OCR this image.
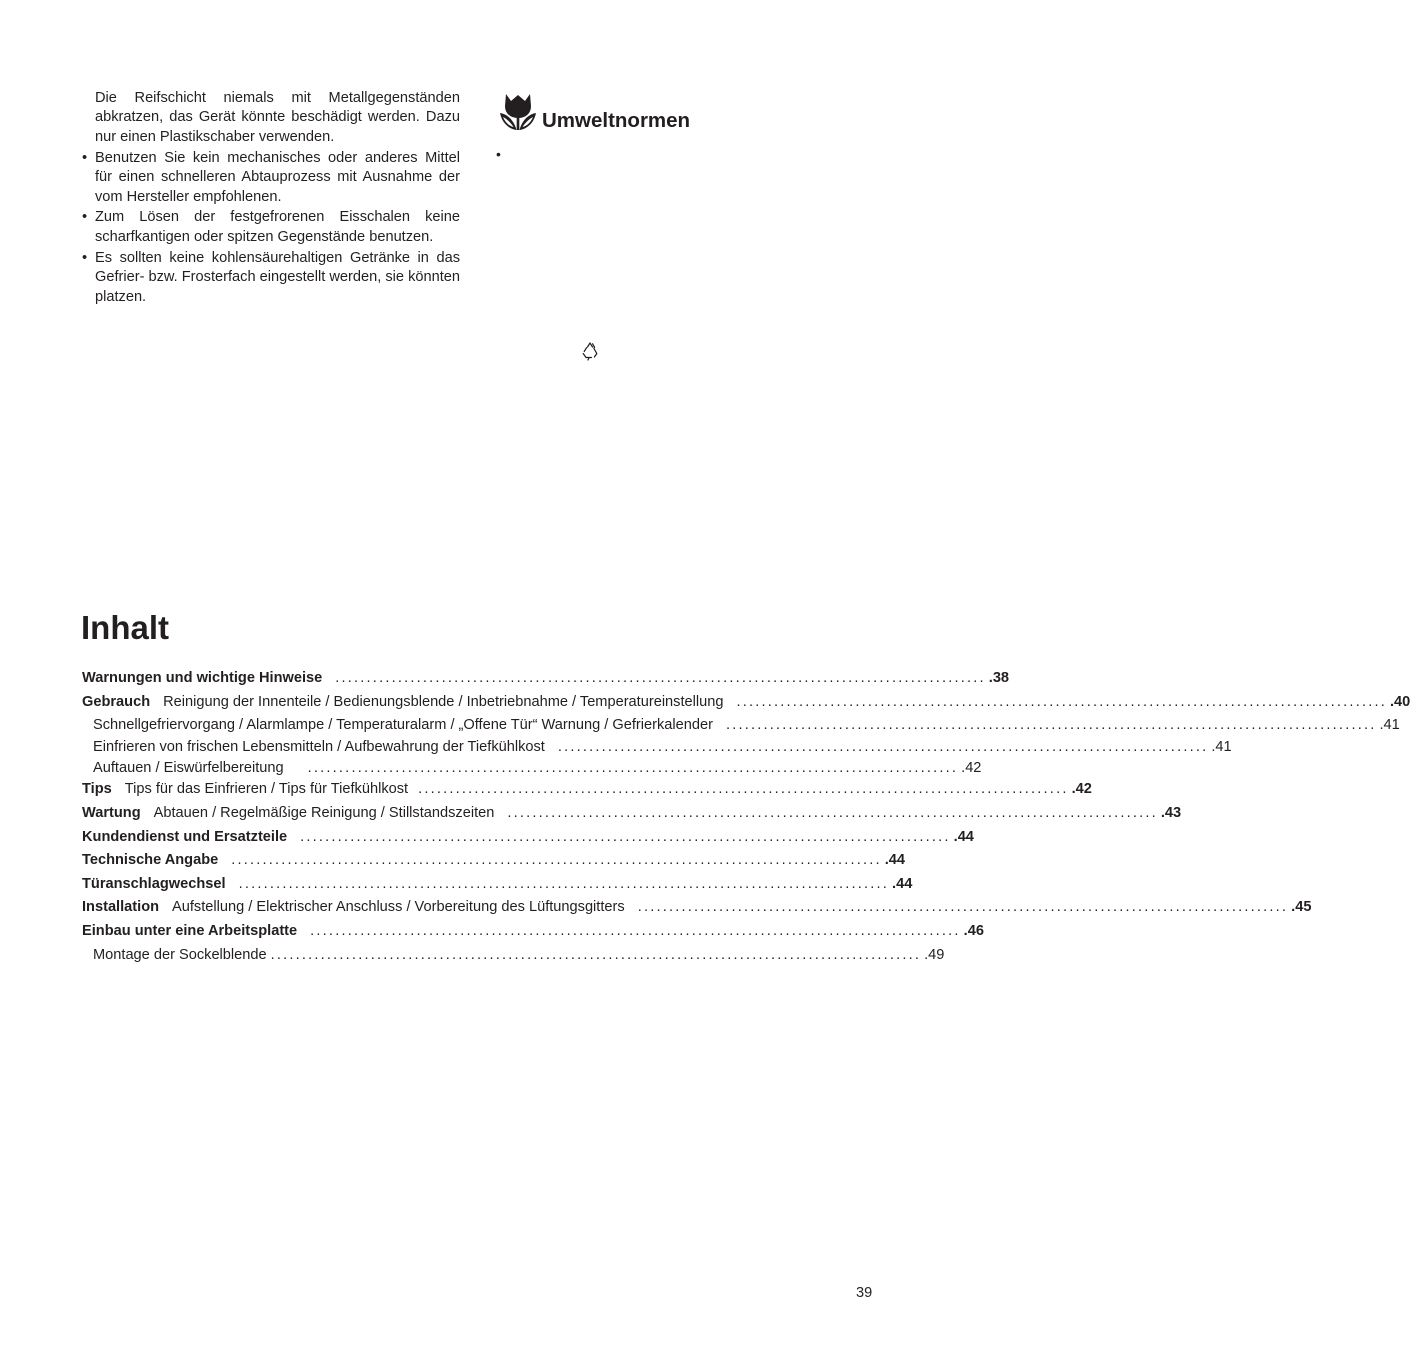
Die Reifschicht niemals mit Metallgegenständen abkratzen, das Gerät könnte beschädigt werden. Dazu nur einen Plastikschaber verwenden.

• Benutzen Sie kein mechanisches oder anderes Mittel für einen schnelleren Abtauprozess mit Ausnahme der vom Hersteller empfohlenen.
• Zum Lösen der festgefrorenen Eisschalen keine scharfkantigen oder spitzen Gegenstände benutzen.
• Es sollten keine kohlensäurehaltigen Getränke in das Gefrier- bzw. Frosterfach eingestellt werden, sie könnten platzen.
Umweltnormen
•
Inhalt
Warnungen und wichtige Hinweise ........................................................................................................ .38
Gebrauch Reinigung der Innenteile / Bedienungsblende / Inbetriebnahme / Temperatureinstellung ........................................................................................................ .40
Schnellgefriervorgang / Alarmlampe / Temperaturalarm / „Offene Tür“ Warnung / Gefrierkalender ........................................................................................................ .41
Einfrieren von frischen Lebensmitteln / Aufbewahrung der Tiefkühlkost ........................................................................................................ .41
Auftauen / Eiswürfelbereitung ........................................................................................................ .42
Tips Tips für das Einfrieren / Tips für Tiefkühlkost ........................................................................................................ .42
Wartung Abtauen / Regelmäßige Reinigung / Stillstandszeiten ........................................................................................................ .43
Kundendienst und Ersatzteile ........................................................................................................ .44
Technische Angabe ........................................................................................................ .44
Türanschlagwechsel ........................................................................................................ .44
Installation Aufstellung / Elektrischer Anschluss / Vorbereitung des Lüftungsgitters ........................................................................................................ .45
Einbau unter eine Arbeitsplatte ........................................................................................................ .46
Montage der Sockelblende ........................................................................................................ .49
39
